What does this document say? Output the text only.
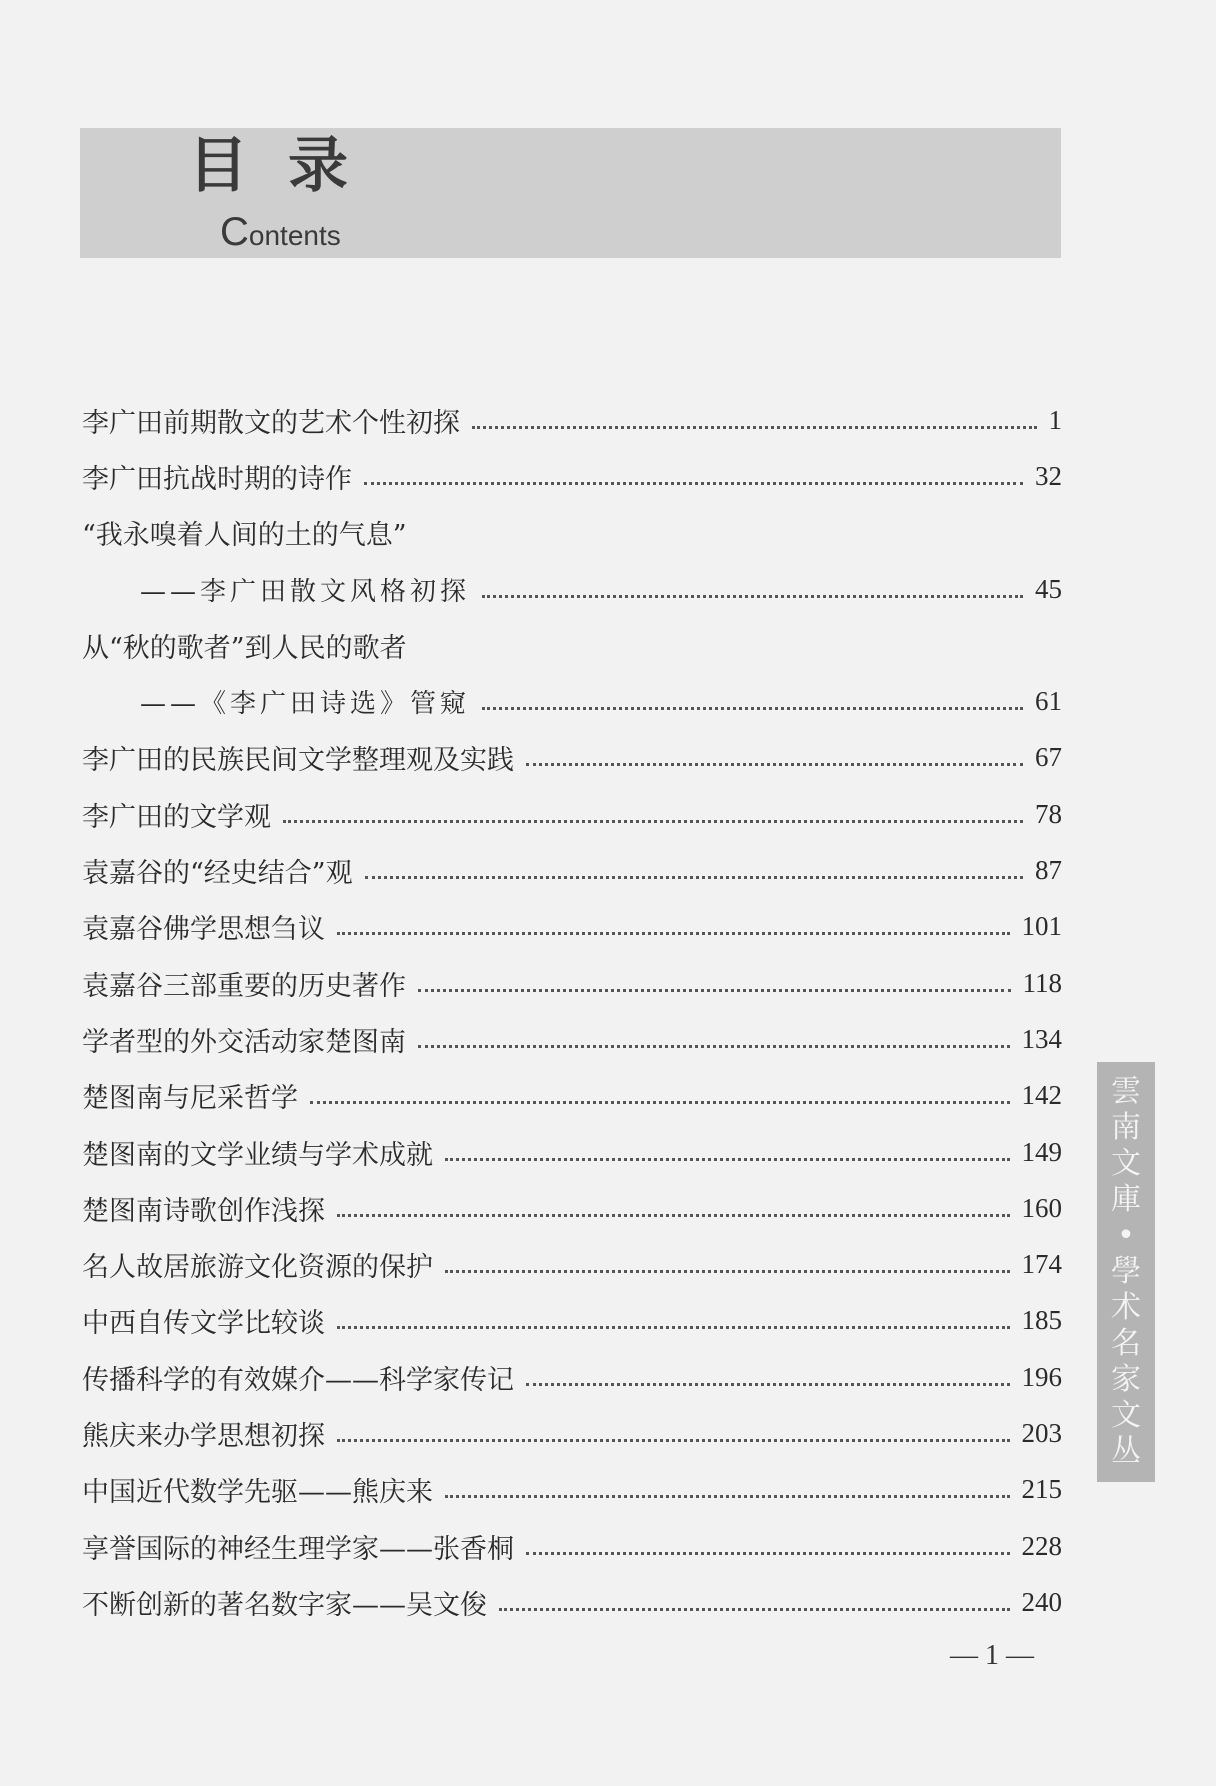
目录
Contents
李广田前期散文的艺术个性初探	1
李广田抗战时期的诗作	32
“我永嗅着人间的土的气息”
——李广田散文风格初探	45
从“秋的歌者”到人民的歌者
——《李广田诗选》管窥	61
李广田的民族民间文学整理观及实践	67
李广田的文学观	78
袁嘉谷的“经史结合”观	87
袁嘉谷佛学思想刍议	101
袁嘉谷三部重要的历史著作	118
学者型的外交活动家楚图南	134
楚图南与尼采哲学	142
楚图南的文学业绩与学术成就	149
楚图南诗歌创作浅探	160
名人故居旅游文化资源的保护	174
中西自传文学比较谈	185
传播科学的有效媒介——科学家传记	196
熊庆来办学思想初探	203
中国近代数学先驱——熊庆来	215
享誉国际的神经生理学家——张香桐	228
不断创新的著名数字家——吴文俊	240
雲
南
文
庫
•
學
术
名
家
文
丛
— 1 —
